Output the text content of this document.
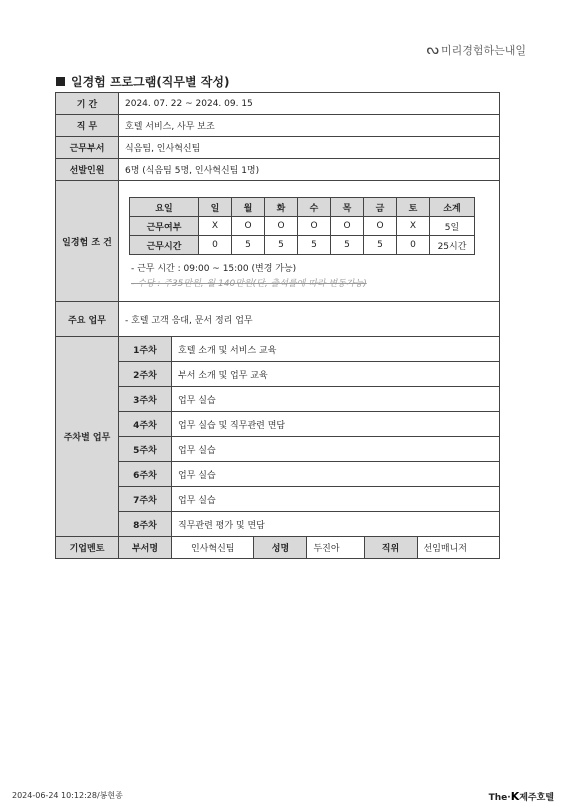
ᔓ 미리경험하는내일
일경험 프로그램(직무별 작성)
기 간	2024. 07. 22 ~ 2024. 09. 15
직 무	호텔 서비스, 사무 보조
근무부서	식음팀, 인사혁신팀
선발인원	6명 (식음팀 5명, 인사혁신팀 1명)
일경험 조 건	
요일	일	월	화	수	목	금	토	소계
근무여부	X	O	O	O	O	O	X	5일
근무시간	0	5	5	5	5	5	0	25시간
- 근무 시간 : 09:00 ~ 15:00 (변경 가능)
- 수당 : 주35만원, 월 140만원(단, 출석률에 따라 변동가능)

주요 업무	- 호텔 고객 응대, 문서 정리 업무
주차별 업무	1주차	호텔 소개 및 서비스 교육
2주차	부서 소개 및 업무 교육
3주차	업무 실습
4주차	업무 실습 및 직무관련 면담
5주차	업무 실습
6주차	업무 실습
7주차	업무 실습
8주차	직무관련 평가 및 면담
기업멘토	부서명	인사혁신팀	성명	두진아	직위	선임매니저
2024-06-24 10:12:28/봉현종	The·K제주호텔
